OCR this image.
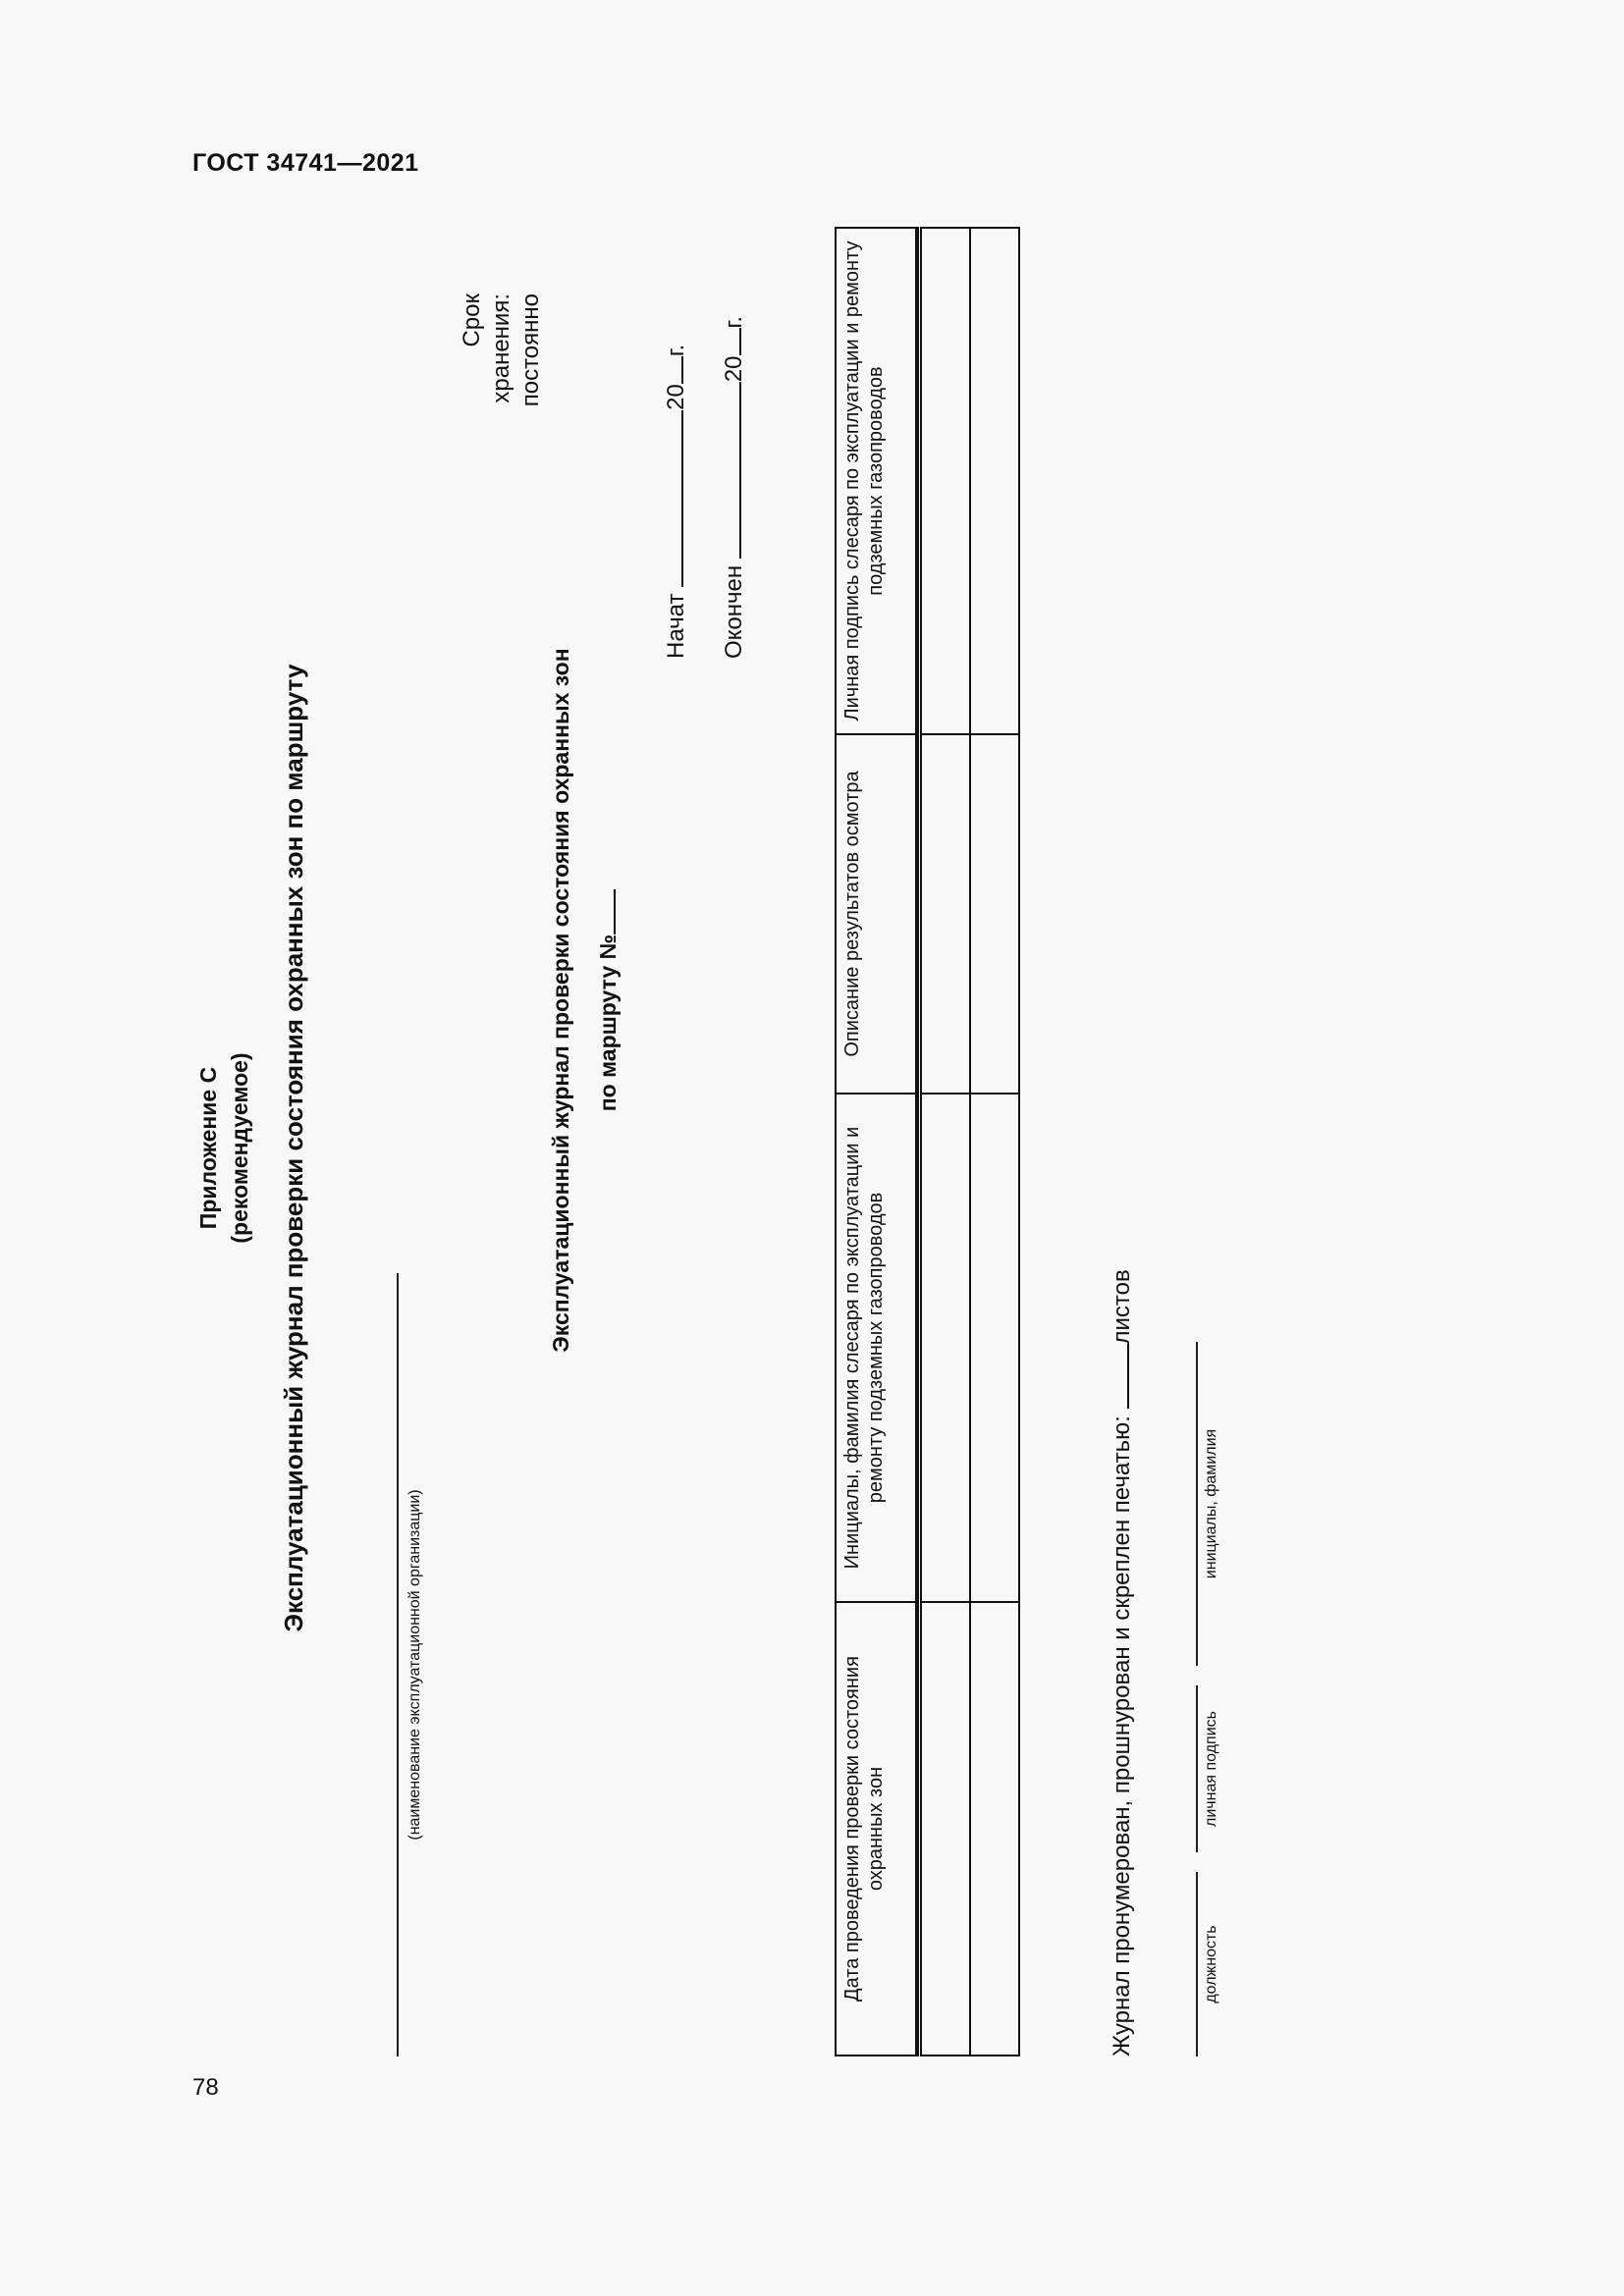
ГОСТ 34741—2021
78
Приложение С (рекомендуемое) Эксплуатационный журнал проверки состояния охранных зон по маршруту
Срок хранения: постоянно
(наименование эксплуатационной организации)
Эксплуатационный журнал проверки состояния охранных зон по маршруту №
Начат 20г.
Окончен 20г.
Дата проведения проверки состояния охранных зон	Инициалы, фамилия слесаря по эксплуатации и ремонту подземных газопроводов	Описание результатов осмотра	Личная подпись слесаря по эксплуатации и ремонту подземных газопроводов

Журнал пронумерован, прошнурован и скреплен печатью: листов
должность
личная подпись
инициалы, фамилия
